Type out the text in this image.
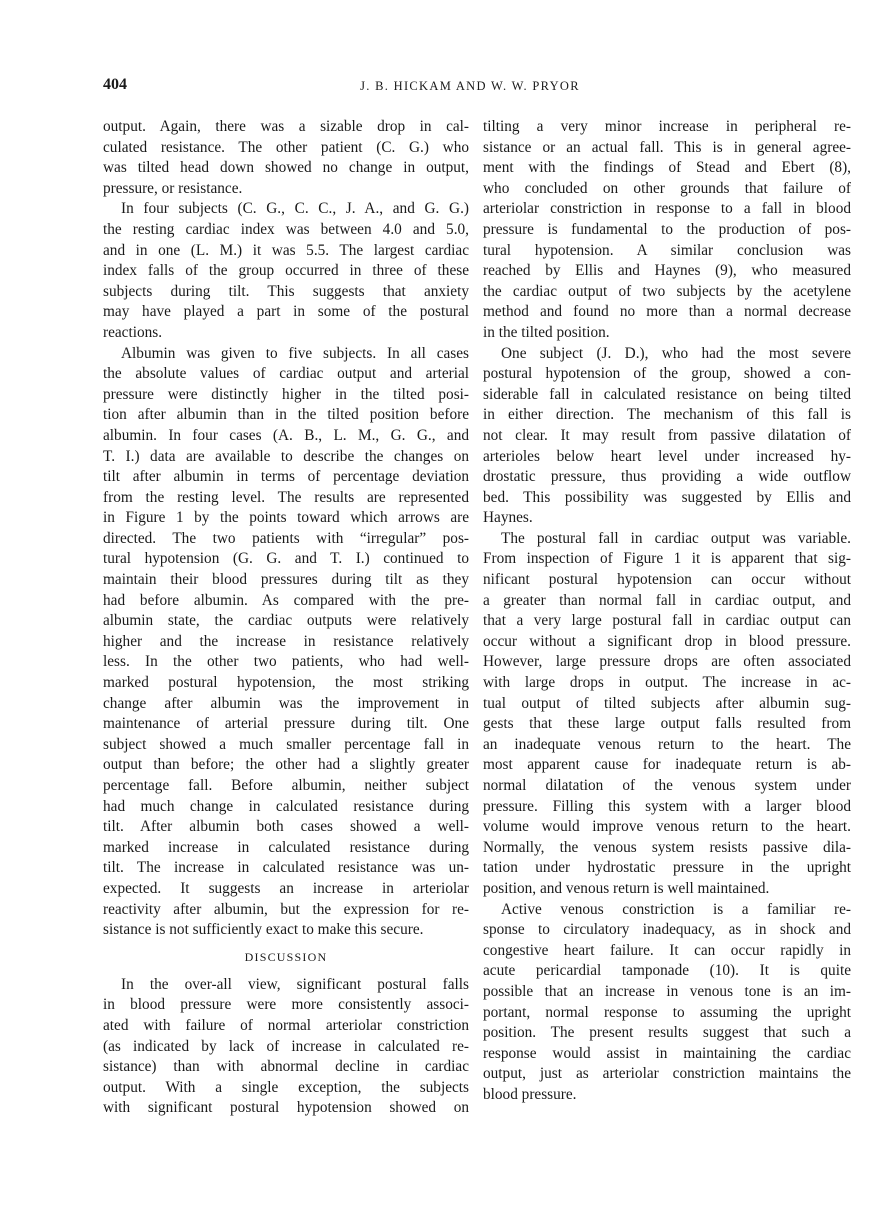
404	J. B. HICKAM AND W. W. PRYOR
output. Again, there was a sizable drop in cal-
culated resistance. The other patient (C. G.) who
was tilted head down showed no change in output,
pressure, or resistance.
In four subjects (C. G., C. C., J. A., and G. G.)
the resting cardiac index was between 4.0 and 5.0,
and in one (L. M.) it was 5.5. The largest cardiac
index falls of the group occurred in three of these
subjects during tilt. This suggests that anxiety
may have played a part in some of the postural
reactions.
Albumin was given to five subjects. In all cases
the absolute values of cardiac output and arterial
pressure were distinctly higher in the tilted posi-
tion after albumin than in the tilted position before
albumin. In four cases (A. B., L. M., G. G., and
T. I.) data are available to describe the changes on
tilt after albumin in terms of percentage deviation
from the resting level. The results are represented
in Figure 1 by the points toward which arrows are
directed. The two patients with “irregular” pos-
tural hypotension (G. G. and T. I.) continued to
maintain their blood pressures during tilt as they
had before albumin. As compared with the pre-
albumin state, the cardiac outputs were relatively
higher and the increase in resistance relatively
less. In the other two patients, who had well-
marked postural hypotension, the most striking
change after albumin was the improvement in
maintenance of arterial pressure during tilt. One
subject showed a much smaller percentage fall in
output than before; the other had a slightly greater
percentage fall. Before albumin, neither subject
had much change in calculated resistance during
tilt. After albumin both cases showed a well-
marked increase in calculated resistance during
tilt. The increase in calculated resistance was un-
expected. It suggests an increase in arteriolar
reactivity after albumin, but the expression for re-
sistance is not sufficiently exact to make this secure.
DISCUSSION
In the over-all view, significant postural falls
in blood pressure were more consistently associ-
ated with failure of normal arteriolar constriction
(as indicated by lack of increase in calculated re-
sistance) than with abnormal decline in cardiac
output. With a single exception, the subjects
with significant postural hypotension showed on
tilting a very minor increase in peripheral re-
sistance or an actual fall. This is in general agree-
ment with the findings of Stead and Ebert (8),
who concluded on other grounds that failure of
arteriolar constriction in response to a fall in blood
pressure is fundamental to the production of pos-
tural hypotension. A similar conclusion was
reached by Ellis and Haynes (9), who measured
the cardiac output of two subjects by the acetylene
method and found no more than a normal decrease
in the tilted position.
One subject (J. D.), who had the most severe
postural hypotension of the group, showed a con-
siderable fall in calculated resistance on being tilted
in either direction. The mechanism of this fall is
not clear. It may result from passive dilatation of
arterioles below heart level under increased hy-
drostatic pressure, thus providing a wide outflow
bed. This possibility was suggested by Ellis and
Haynes.
The postural fall in cardiac output was variable.
From inspection of Figure 1 it is apparent that sig-
nificant postural hypotension can occur without
a greater than normal fall in cardiac output, and
that a very large postural fall in cardiac output can
occur without a significant drop in blood pressure.
However, large pressure drops are often associated
with large drops in output. The increase in ac-
tual output of tilted subjects after albumin sug-
gests that these large output falls resulted from
an inadequate venous return to the heart. The
most apparent cause for inadequate return is ab-
normal dilatation of the venous system under
pressure. Filling this system with a larger blood
volume would improve venous return to the heart.
Normally, the venous system resists passive dila-
tation under hydrostatic pressure in the upright
position, and venous return is well maintained.
Active venous constriction is a familiar re-
sponse to circulatory inadequacy, as in shock and
congestive heart failure. It can occur rapidly in
acute pericardial tamponade (10). It is quite
possible that an increase in venous tone is an im-
portant, normal response to assuming the upright
position. The present results suggest that such a
response would assist in maintaining the cardiac
output, just as arteriolar constriction maintains the
blood pressure.
